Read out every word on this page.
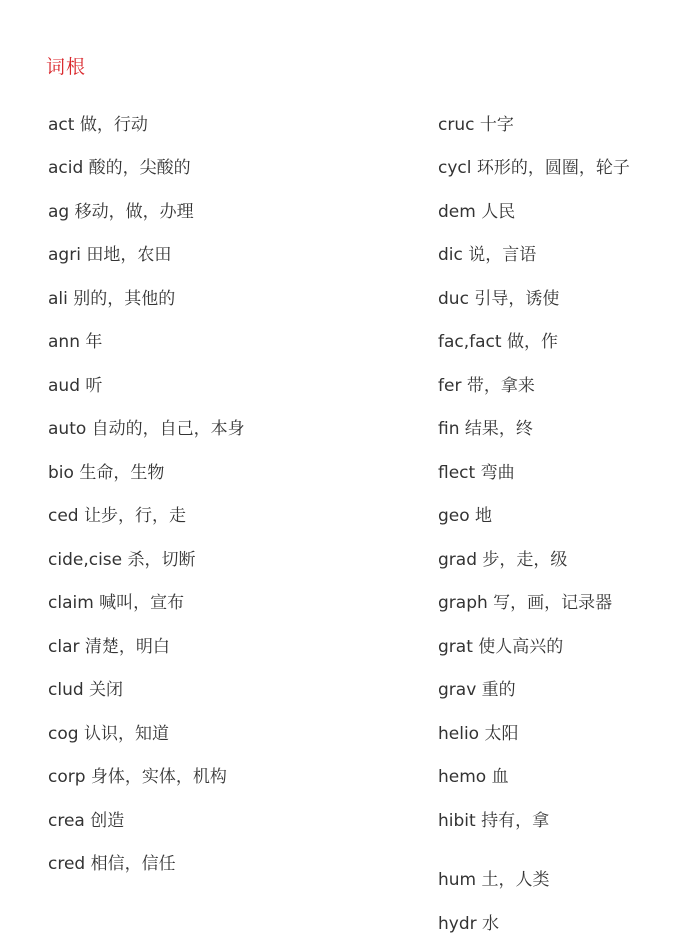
词根
act 做，行动
acid 酸的，尖酸的
ag 移动，做，办理
agri 田地，农田
ali 别的，其他的
ann 年
aud 听
auto 自动的，自己，本身
bio 生命，生物
ced 让步，行，走
cide,cise 杀，切断
claim 喊叫，宣布
clar 清楚，明白
clud 关闭
cog 认识，知道
corp 身体，实体，机构
crea 创造
cred 相信，信任
cruc 十字
cycl 环形的，圆圈，轮子
dem 人民
dic 说，言语
duc 引导，诱使
fac,fact 做，作
fer 带，拿来
fin 结果，终
flect 弯曲
geo 地
grad 步，走，级
graph 写，画，记录器
grat 使人高兴的
grav 重的
helio 太阳
hemo 血
hibit 持有，拿
hum 土，人类
hydr 水
